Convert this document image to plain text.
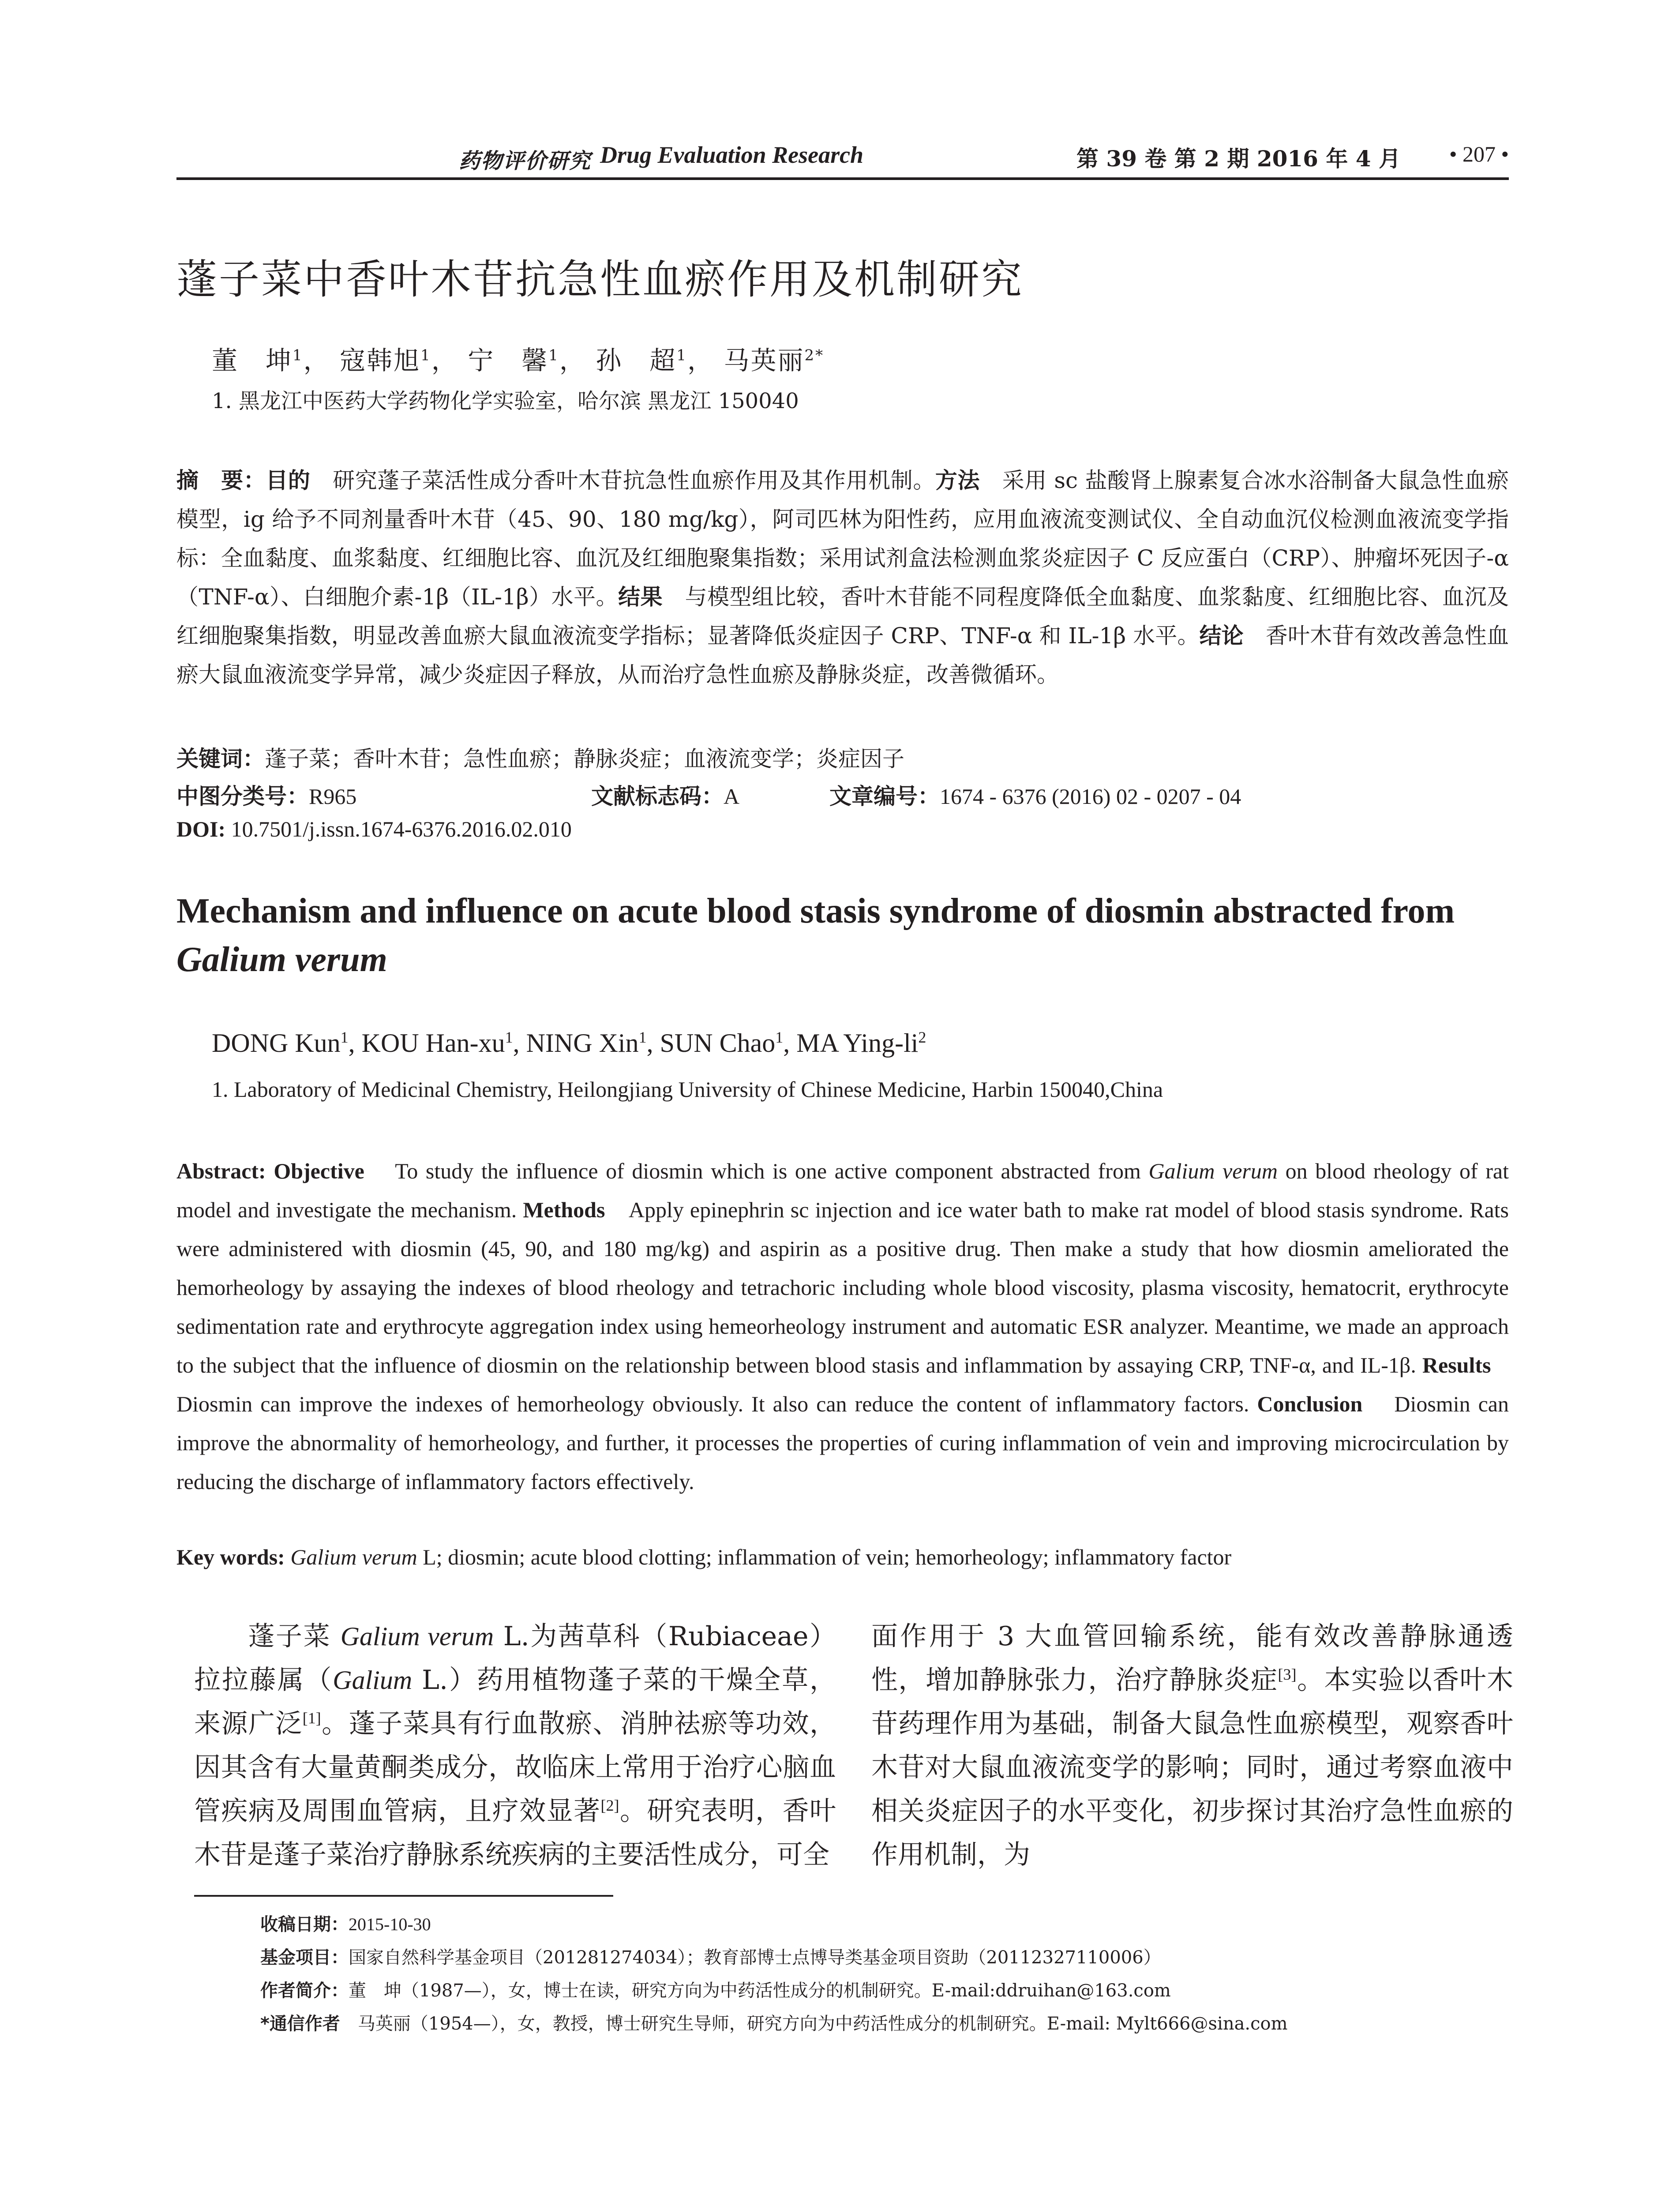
药物评价研究 Drug Evaluation Research	第 39 卷 第 2 期 2016 年 4 月 • 207 •
蓬子菜中香叶木苷抗急性血瘀作用及机制研究
董　坤$^1$， 寇韩旭$^1$， 宁　馨$^1$， 孙　超$^1$， 马英丽$^{2*}$
1. 黑龙江中医药大学药物化学实验室，哈尔滨 黑龙江 150040
摘　要：目的　 研究蓬子菜活性成分香叶木苷抗急性血瘀作用及其作用机制。方法　 采用 sc 盐酸肾上腺素复合冰水浴制备大鼠急性血瘀模型，ig 给予不同剂量香叶木苷（45、90、180 mg/kg），阿司匹林为阳性药，应用血液流变测试仪、全自动血沉仪检测血液流变学指标：全血黏度、血浆黏度、红细胞比容、血沉及红细胞聚集指数；采用试剂盒法检测血浆炎症因子 C 反应蛋白（CRP）、肿瘤坏死因子-α（TNF-α）、白细胞介素-1β（IL-1β）水平。结果　 与模型组比较，香叶木苷能不同程度降低全血黏度、血浆黏度、红细胞比容、血沉及红细胞聚集指数，明显改善血瘀大鼠血液流变学指标；显著降低炎症因子 CRP、TNF-α 和 IL-1β 水平。结论　 香叶木苷有效改善急性血瘀大鼠血液流变学异常，减少炎症因子释放，从而治疗急性血瘀及静脉炎症，改善微循环。
关键词：蓬子菜；香叶木苷；急性血瘀；静脉炎症；血液流变学；炎症因子
中图分类号：R965	文献标志码：A	文章编号：1674 - 6376 (2016) 02 - 0207 - 04
DOI: 10.7501/j.issn.1674-6376.2016.02.010
Mechanism and influence on acute blood stasis syndrome of diosmin abstracted from Galium verum
DONG Kun$^1$, KOU Han-$xu^1$, NING Xin$^1$, SUN Chao$^1$, MA Ying-$li^2$
1. Laboratory of Medicinal Chemistry, Heilongjiang University of Chinese Medicine, Harbin 150040,China
Abstract: Objective To study the influence of diosmin which is one active component abstracted from Galium verum on blood rheology of rat model and investigate the mechanism. Methods Apply epinephrin sc injection and ice water bath to make rat model of blood stasis syndrome. Rats were administered with diosmin (45, 90, and 180 mg/kg) and aspirin as a positive drug. Then make a study that how diosmin ameliorated the hemorheology by assaying the indexes of blood rheology and tetrachoric including whole blood viscosity, plasma viscosity, hematocrit, erythrocyte sedimentation rate and erythrocyte aggregation index using hemeorheology instrument and automatic ESR analyzer. Meantime, we made an approach to the subject that the influence of diosmin on the relationship between blood stasis and inflammation by assaying CRP, TNF-α, and IL-1β. Results    Diosmin can improve the indexes of hemorheology obviously. It also can reduce the content of inflammatory factors. Conclusion Diosmin can improve the abnormality of hemorheology, and further, it processes the properties of curing inflammation of vein and improving microcirculation by reducing the discharge of inflammatory factors effectively.
Key words: Galium verum L; diosmin; acute blood clotting; inflammation of vein; hemorheology; inflammatory factor
蓬子菜 Galium verum L.为茜草科（Rubiaceae）拉拉藤属（Galium L.）药用植物蓬子菜的干燥全草，来源广泛[1]。蓬子菜具有行血散瘀、消肿祛瘀等功效，因其含有大量黄酮类成分，故临床上常用于治疗心脑血管疾病及周围血管病，且疗效显著[2]。研究表明，香叶木苷是蓬子菜治疗静脉系统疾病的主要活性成分，可全
面作用于 3 大血管回输系统，能有效改善静脉通透性，增加静脉张力，治疗静脉炎症[3]。本实验以香叶木苷药理作用为基础，制备大鼠急性血瘀模型，观察香叶木苷对大鼠血液流变学的影响；同时，通过考察血液中相关炎症因子的水平变化，初步探讨其治疗急性血瘀的作用机制，为
收稿日期：2015-10-30
基金项目：国家自然科学基金项目（201281274034）；教育部博士点博导类基金项目资助（20112327110006）
作者简介：董　坤（1987—），女，博士在读，研究方向为中药活性成分的机制研究。E-mail:ddruihan@163.com
*通信作者　马英丽（1954—），女，教授，博士研究生导师，研究方向为中药活性成分的机制研究。E-mail: Mylt666@sina.com
